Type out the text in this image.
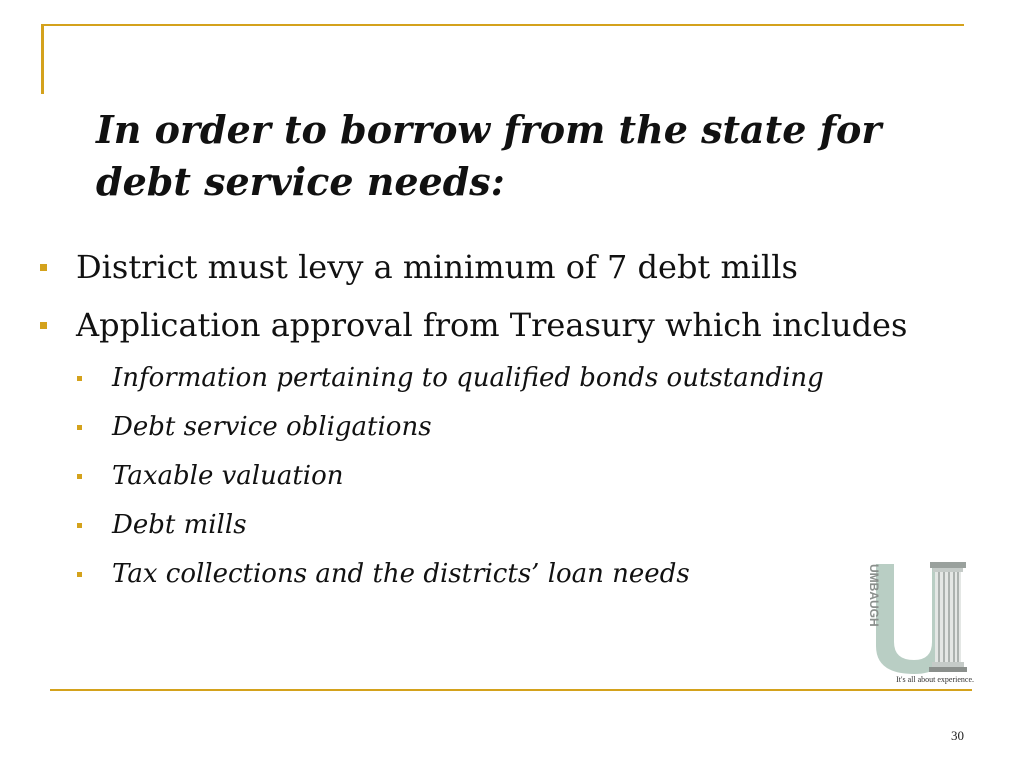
In order to borrow from the state for
debt service needs:
District must levy a minimum of 7 debt mills
Application approval from Treasury which includes
Information pertaining to qualified bonds outstanding
Debt service obligations
Taxable valuation
Debt mills
Tax collections and the districts’ loan needs	UMBAUGH
It's all about experience.
30
